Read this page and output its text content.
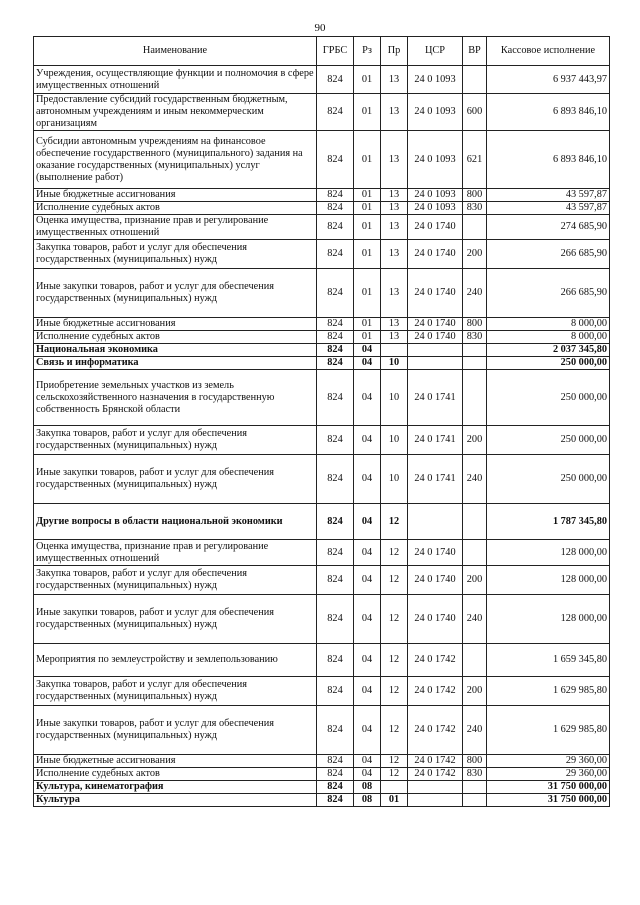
90
Наименование	ГРБС	Рз	Пр	ЦСР	ВР	Кассовое исполнение
Учреждения, осуществляющие функции и полномочия в сфере имущественных отношений	824	01	13	24 0 1093		6 937 443,97
Предоставление субсидий государственным бюджетным, автономным учреждениям и иным некоммерческим организациям	824	01	13	24 0 1093	600	6 893 846,10
Субсидии автономным учреждениям на финансовое обеспечение государственного (муниципального) задания на оказание государственных (муниципальных) услуг (выполнение работ)	824	01	13	24 0 1093	621	6 893 846,10
Иные бюджетные ассигнования	824	01	13	24 0 1093	800	43 597,87
Исполнение судебных актов	824	01	13	24 0 1093	830	43 597,87
Оценка имущества, признание прав и регулирование имущественных отношений	824	01	13	24 0 1740		274 685,90
Закупка товаров, работ и услуг для обеспечения государственных (муниципальных) нужд	824	01	13	24 0 1740	200	266 685,90
Иные закупки товаров, работ и услуг для обеспечения государственных (муниципальных) нужд	824	01	13	24 0 1740	240	266 685,90
Иные бюджетные ассигнования	824	01	13	24 0 1740	800	8 000,00
Исполнение судебных актов	824	01	13	24 0 1740	830	8 000,00
Национальная экономика	824	04				2 037 345,80
Связь и информатика	824	04	10			250 000,00
Приобретение земельных участков из земель сельскохозяйственного назначения в государственную собственность Брянской области	824	04	10	24 0 1741		250 000,00
Закупка товаров, работ и услуг для обеспечения государственных (муниципальных) нужд	824	04	10	24 0 1741	200	250 000,00
Иные закупки товаров, работ и услуг для обеспечения государственных (муниципальных) нужд	824	04	10	24 0 1741	240	250 000,00
Другие вопросы в области национальной экономики	824	04	12			1 787 345,80
Оценка имущества, признание прав и регулирование имущественных отношений	824	04	12	24 0 1740		128 000,00
Закупка товаров, работ и услуг для обеспечения государственных (муниципальных) нужд	824	04	12	24 0 1740	200	128 000,00
Иные закупки товаров, работ и услуг для обеспечения государственных (муниципальных) нужд	824	04	12	24 0 1740	240	128 000,00
Мероприятия по землеустройству и землепользованию	824	04	12	24 0 1742		1 659 345,80
Закупка товаров, работ и услуг для обеспечения государственных (муниципальных) нужд	824	04	12	24 0 1742	200	1 629 985,80
Иные закупки товаров, работ и услуг для обеспечения государственных (муниципальных) нужд	824	04	12	24 0 1742	240	1 629 985,80
Иные бюджетные ассигнования	824	04	12	24 0 1742	800	29 360,00
Исполнение судебных актов	824	04	12	24 0 1742	830	29 360,00
Культура, кинематография	824	08				31 750 000,00
Культура	824	08	01			31 750 000,00
